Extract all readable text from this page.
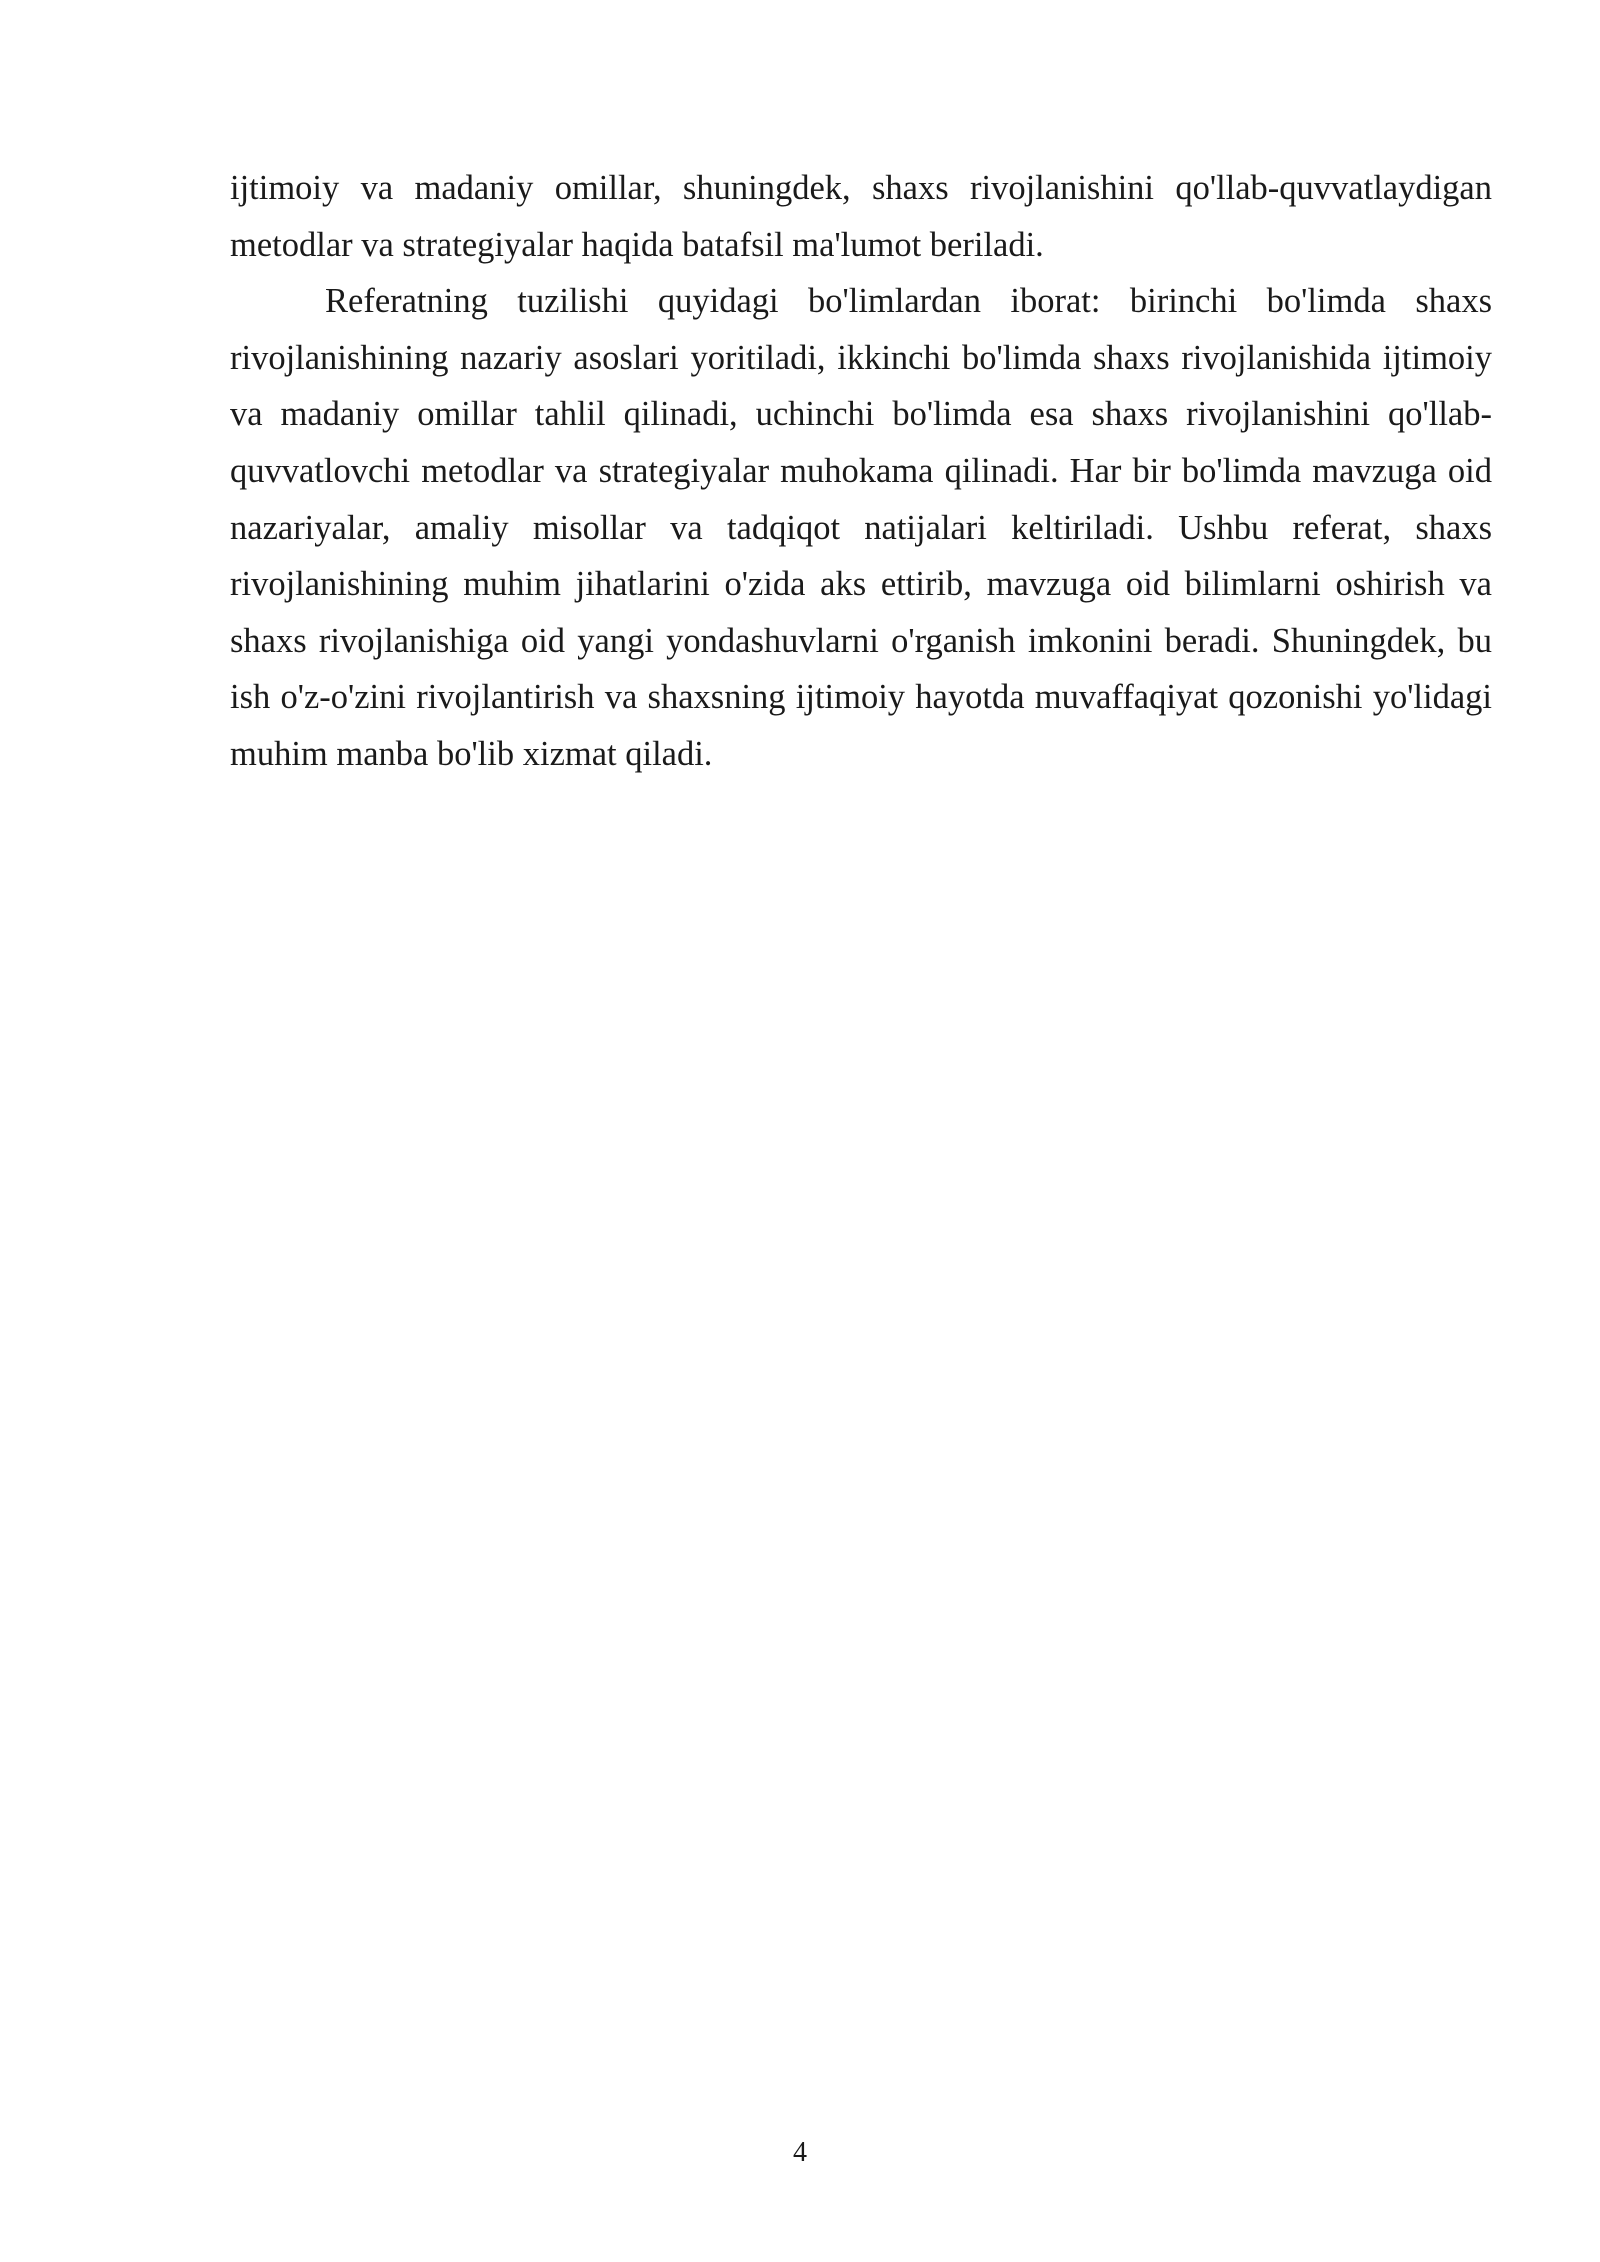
ijtimoiy va madaniy omillar, shuningdek, shaxs rivojlanishini qo'llab-quvvatlaydigan metodlar va strategiyalar haqida batafsil ma'lumot beriladi.

Referatning tuzilishi quyidagi bo'limlardan iborat: birinchi bo'limda shaxs rivojlanishining nazariy asoslari yoritiladi, ikkinchi bo'limda shaxs rivojlanishida ijtimoiy va madaniy omillar tahlil qilinadi, uchinchi bo'limda esa shaxs rivojlanishini qo'llab-quvvatlovchi metodlar va strategiyalar muhokama qilinadi. Har bir bo'limda mavzuga oid nazariyalar, amaliy misollar va tadqiqot natijalari keltiriladi. Ushbu referat, shaxs rivojlanishining muhim jihatlarini o'zida aks ettirib, mavzuga oid bilimlarni oshirish va shaxs rivojlanishiga oid yangi yondashuvlarni o'rganish imkonini beradi. Shuningdek, bu ish o'z-o'zini rivojlantirish va shaxsning ijtimoiy hayotda muvaffaqiyat qozonishi yo'lidagi muhim manba bo'lib xizmat qiladi.

4
